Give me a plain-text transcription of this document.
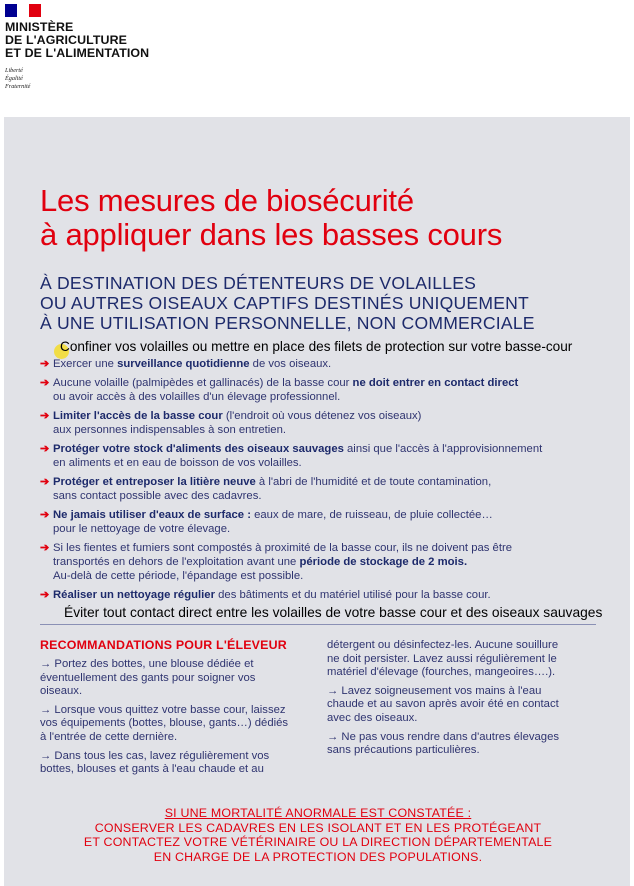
MINISTÈRE
DE L'AGRICULTURE
ET DE L'ALIMENTATION
Liberté
Égalité
Fraternité
Les mesures de biosécurité
à appliquer dans les basses cours
À DESTINATION DES DÉTENTEURS DE VOLAILLES
OU AUTRES OISEAUX CAPTIFS DESTINÉS UNIQUEMENT
À UNE UTILISATION PERSONNELLE, NON COMMERCIALE
Confiner vos volailles ou mettre en place des filets de protection sur votre basse-cour
➔ Exercer une surveillance quotidienne de vos oiseaux.
➔ Aucune volaille (palmipèdes et gallinacés) de la basse cour ne doit entrer en contact direct
ou avoir accès à des volailles d'un élevage professionnel.
➔ Limiter l'accès de la basse cour (l'endroit où vous détenez vos oiseaux)
aux personnes indispensables à son entretien.
➔ Protéger votre stock d'aliments des oiseaux sauvages ainsi que l'accès à l'approvisionnement
en aliments et en eau de boisson de vos volailles.
➔ Protéger et entreposer la litière neuve à l'abri de l'humidité et de toute contamination,
sans contact possible avec des cadavres.
➔ Ne jamais utiliser d'eaux de surface : eaux de mare, de ruisseau, de pluie collectée…
pour le nettoyage de votre élevage.
➔ Si les fientes et fumiers sont compostés à proximité de la basse cour, ils ne doivent pas être
transportés en dehors de l'exploitation avant une période de stockage de 2 mois.
Au-delà de cette période, l'épandage est possible.
➔ Réaliser un nettoyage régulier des bâtiments et du matériel utilisé pour la basse cour.
Éviter tout contact direct entre les volailles de votre basse cour et des oiseaux sauvages
RECOMMANDATIONS POUR L'ÉLEVEUR

→ Portez des bottes, une blouse dédiée et
éventuellement des gants pour soigner vos
oiseaux.

→ Lorsque vous quittez votre basse cour, laissez
vos équipements (bottes, blouse, gants…) dédiés
à l'entrée de cette dernière.

→ Dans tous les cas, lavez régulièrement vos
bottes, blouses et gants à l'eau chaude et au

détergent ou désinfectez-les. Aucune souillure
ne doit persister. Lavez aussi régulièrement le
matériel d'élevage (fourches, mangeoires….).

→ Lavez soigneusement vos mains à l'eau
chaude et au savon après avoir été en contact
avec des oiseaux.

→ Ne pas vous rendre dans d'autres élevages
sans précautions particulières.

SI UNE MORTALITÉ ANORMALE EST CONSTATÉE :
CONSERVER LES CADAVRES EN LES ISOLANT ET EN LES PROTÉGEANT
ET CONTACTEZ VOTRE VÉTÉRINAIRE OU LA DIRECTION DÉPARTEMENTALE
EN CHARGE DE LA PROTECTION DES POPULATIONS.
